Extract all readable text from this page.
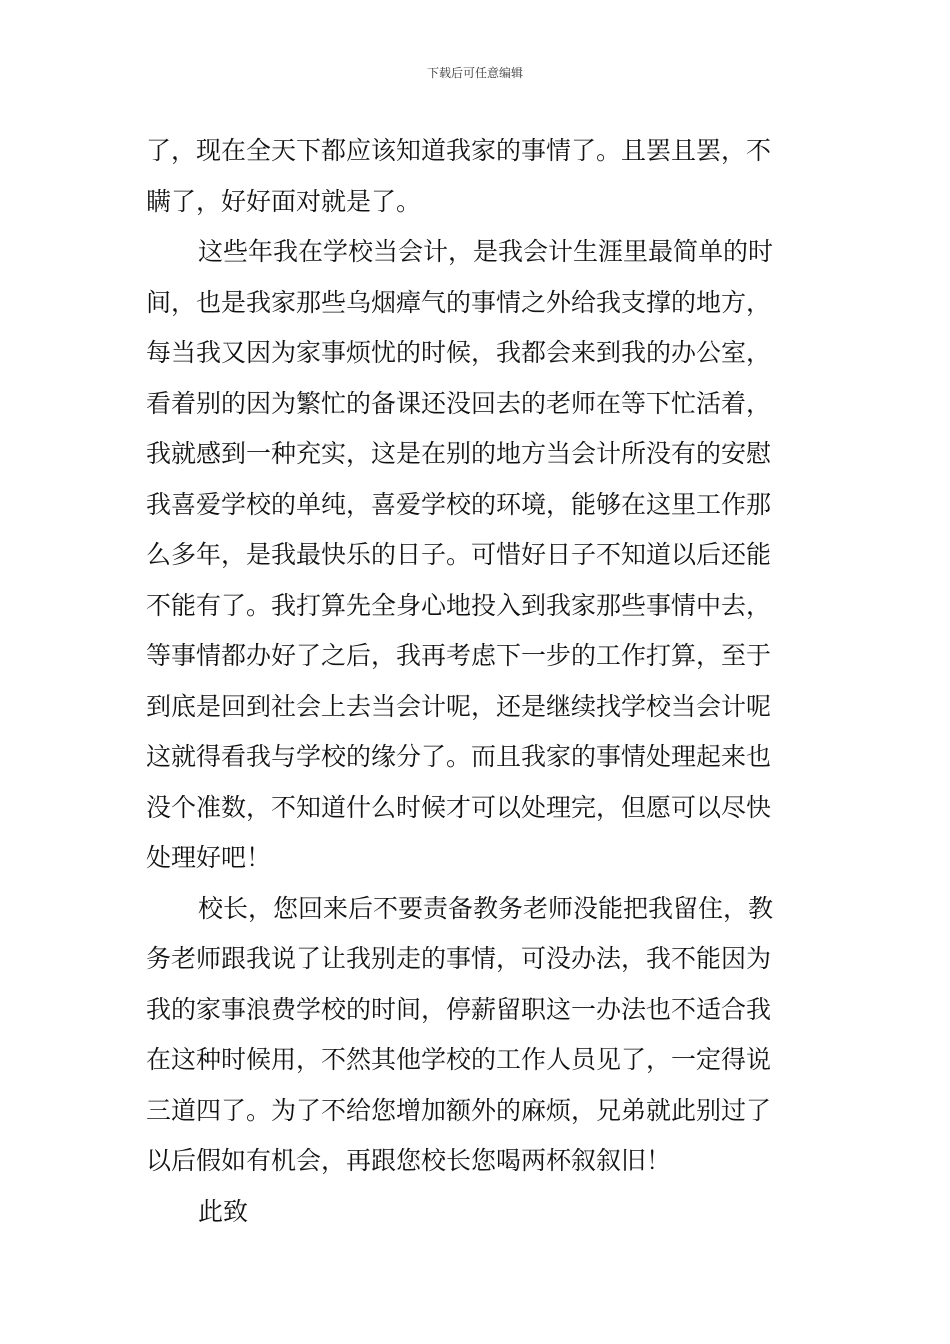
下载后可任意编辑
了，现在全天下都应该知道我家的事情了。且罢且罢，不
瞒了，好好面对就是了。
这些年我在学校当会计，是我会计生涯里最简单的时
间，也是我家那些乌烟瘴气的事情之外给我支撑的地方，
每当我又因为家事烦忧的时候，我都会来到我的办公室，
看着别的因为繁忙的备课还没回去的老师在等下忙活着，
我就感到一种充实，这是在别的地方当会计所没有的安慰
我喜爱学校的单纯，喜爱学校的环境，能够在这里工作那
么多年，是我最快乐的日子。可惜好日子不知道以后还能
不能有了。我打算先全身心地投入到我家那些事情中去，
等事情都办好了之后，我再考虑下一步的工作打算，至于
到底是回到社会上去当会计呢，还是继续找学校当会计呢
这就得看我与学校的缘分了。而且我家的事情处理起来也
没个准数，不知道什么时候才可以处理完，但愿可以尽快
处理好吧！
校长，您回来后不要责备教务老师没能把我留住，教
务老师跟我说了让我别走的事情，可没办法，我不能因为
我的家事浪费学校的时间，停薪留职这一办法也不适合我
在这种时候用，不然其他学校的工作人员见了，一定得说
三道四了。为了不给您增加额外的麻烦，兄弟就此别过了
以后假如有机会，再跟您校长您喝两杯叙叙旧！
此致
